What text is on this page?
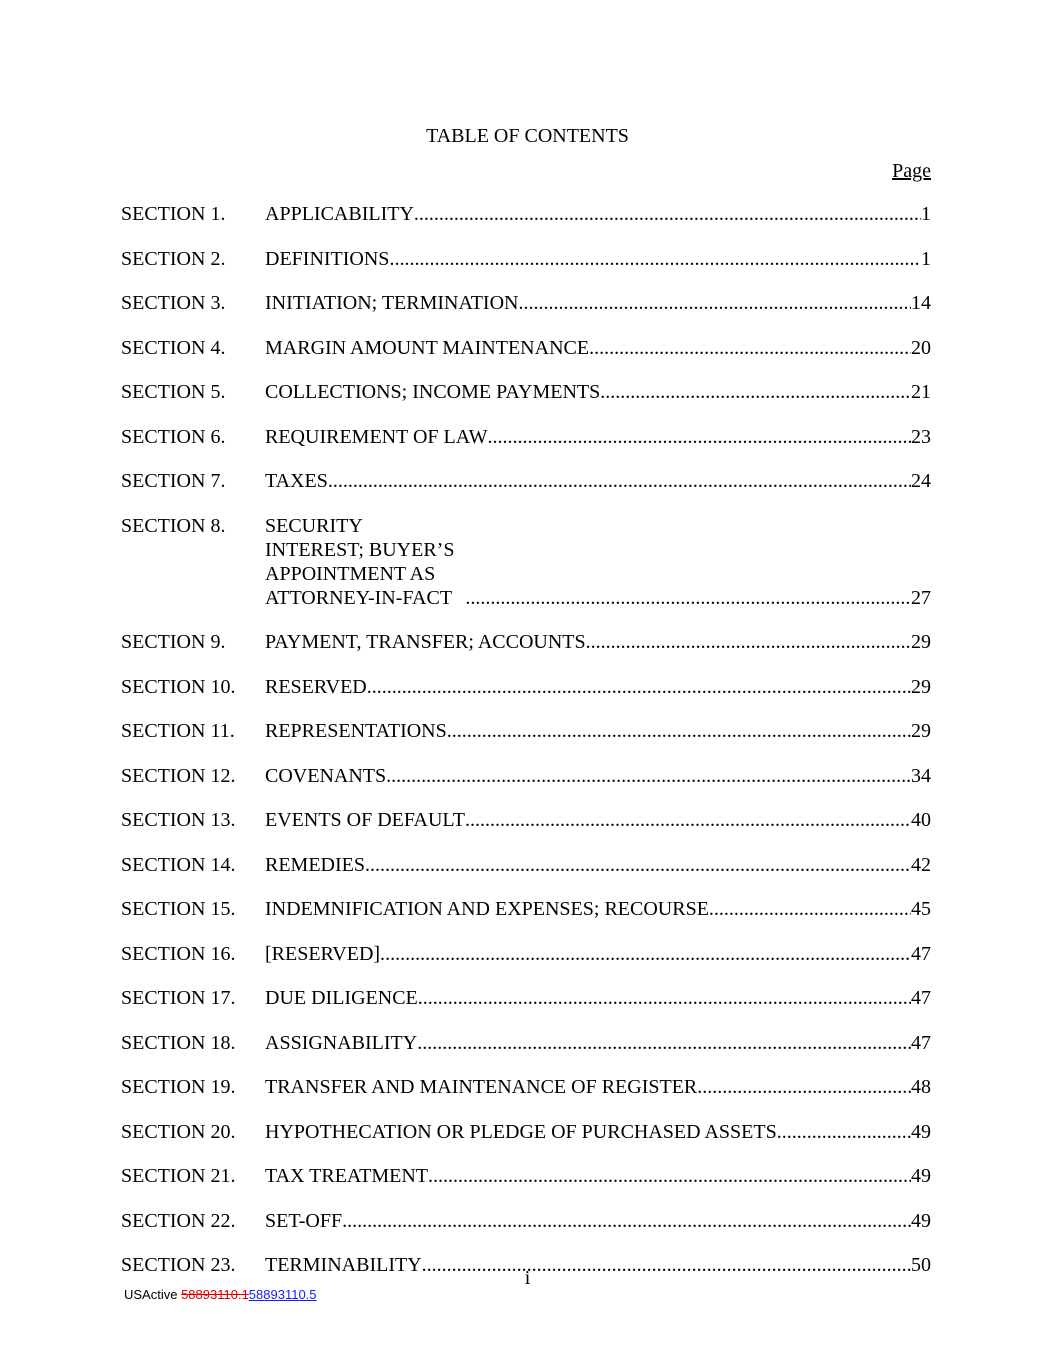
TABLE OF CONTENTS
Page
SECTION 1.	APPLICABILITY .....	1
SECTION 2.	DEFINITIONS .....	1
SECTION 3.	INITIATION; TERMINATION .....	14
SECTION 4.	MARGIN AMOUNT MAINTENANCE .....	20
SECTION 5.	COLLECTIONS; INCOME PAYMENTS .....	21
SECTION 6.	REQUIREMENT OF LAW .....	23
SECTION 7.	TAXES .....	24
SECTION 8.	SECURITY INTEREST; BUYER’S APPOINTMENT AS ATTORNEY-IN-FACT .....	27
SECTION 9.	PAYMENT, TRANSFER; ACCOUNTS .....	29
SECTION 10.	RESERVED .....	29
SECTION 11.	REPRESENTATIONS .....	29
SECTION 12.	COVENANTS .....	34
SECTION 13.	EVENTS OF DEFAULT .....	40
SECTION 14.	REMEDIES .....	42
SECTION 15.	INDEMNIFICATION AND EXPENSES; RECOURSE .....	45
SECTION 16.	[RESERVED]. .....	47
SECTION 17.	DUE DILIGENCE .....	47
SECTION 18.	ASSIGNABILITY .....	47
SECTION 19.	TRANSFER AND MAINTENANCE OF REGISTER. .....	48
SECTION 20.	HYPOTHECATION OR PLEDGE OF PURCHASED ASSETS .....	49
SECTION 21.	TAX TREATMENT .....	49
SECTION 22.	SET-OFF .....	49
SECTION 23.	TERMINABILITY .....	50
i
USActive 58893110.158893110.5
